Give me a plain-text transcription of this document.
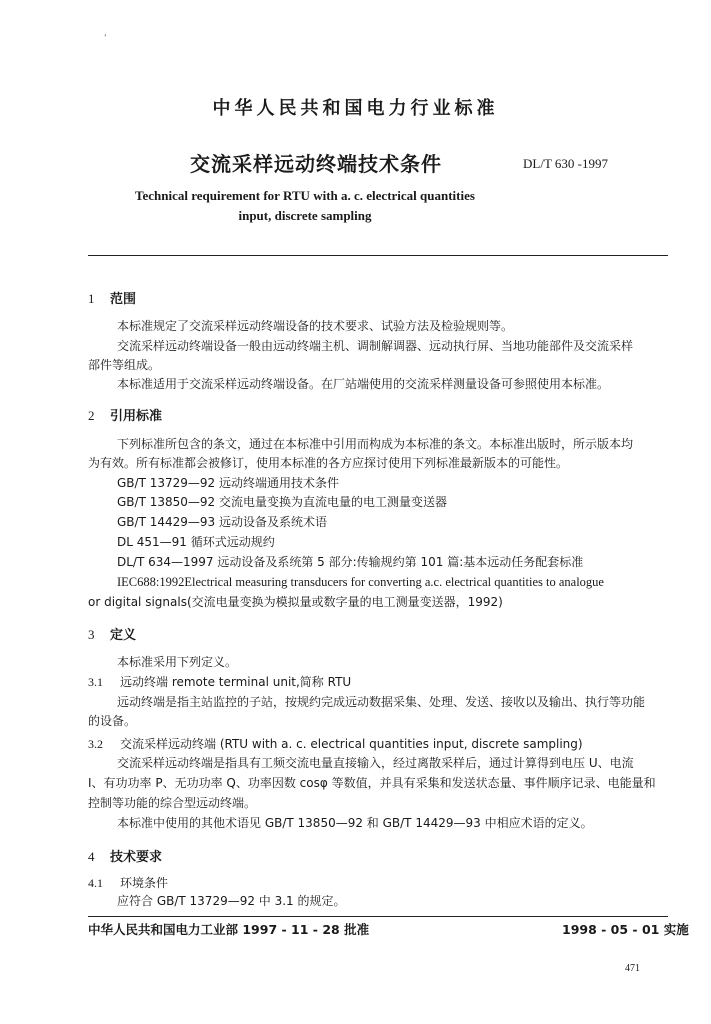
'
中华人民共和国电力行业标准
交流采样远动终端技术条件	DL/T 630 -1997
Technical requirement for RTU with a. c. electrical quantities
input, discrete sampling
1 范围
本标准规定了交流采样远动终端设备的技术要求、试验方法及检验规则等。
交流采样远动终端设备一般由远动终端主机、调制解调器、远动执行屏、当地功能部件及交流采样
部件等组成。
本标准适用于交流采样远动终端设备。在厂站端使用的交流采样测量设备可参照使用本标准。
2 引用标准
下列标准所包含的条文，通过在本标准中引用而构成为本标准的条文。本标准出版时，所示版本均
为有效。所有标准都会被修订，使用本标准的各方应探讨使用下列标准最新版本的可能性。
GB/T 13729—92 远动终端通用技术条件
GB/T 13850—92 交流电量变换为直流电量的电工测量变送器
GB/T 14429—93 远动设备及系统术语
DL 451—91 循环式远动规约
DL/T 634—1997 远动设备及系统第 5 部分:传输规约第 101 篇:基本远动任务配套标准
IEC688:1992Electrical measuring transducers for converting a.c. electrical quantities to analogue
or digital signals(交流电量变换为模拟量或数字量的电工测量变送器，1992)
3 定义
本标准采用下列定义。
3.1 远动终端 remote terminal unit,简称 RTU
远动终端是指主站监控的子站，按规约完成远动数据采集、处理、发送、接收以及输出、执行等功能
的设备。
3.2 交流采样远动终端 (RTU with a. c. electrical quantities input, discrete sampling)
交流采样远动终端是指具有工频交流电量直接输入，经过离散采样后，通过计算得到电压 U、电流
I、有功功率 P、无功功率 Q、功率因数 cosφ 等数值，并具有采集和发送状态量、事件顺序记录、电能量和
控制等功能的综合型远动终端。
本标准中使用的其他术语见 GB/T 13850—92 和 GB/T 14429—93 中相应术语的定义。
4 技术要求
4.1 环境条件
应符合 GB/T 13729—92 中 3.1 的规定。
中华人民共和国电力工业部 1997 - 11 - 28 批准	1998 - 05 - 01 实施
471
